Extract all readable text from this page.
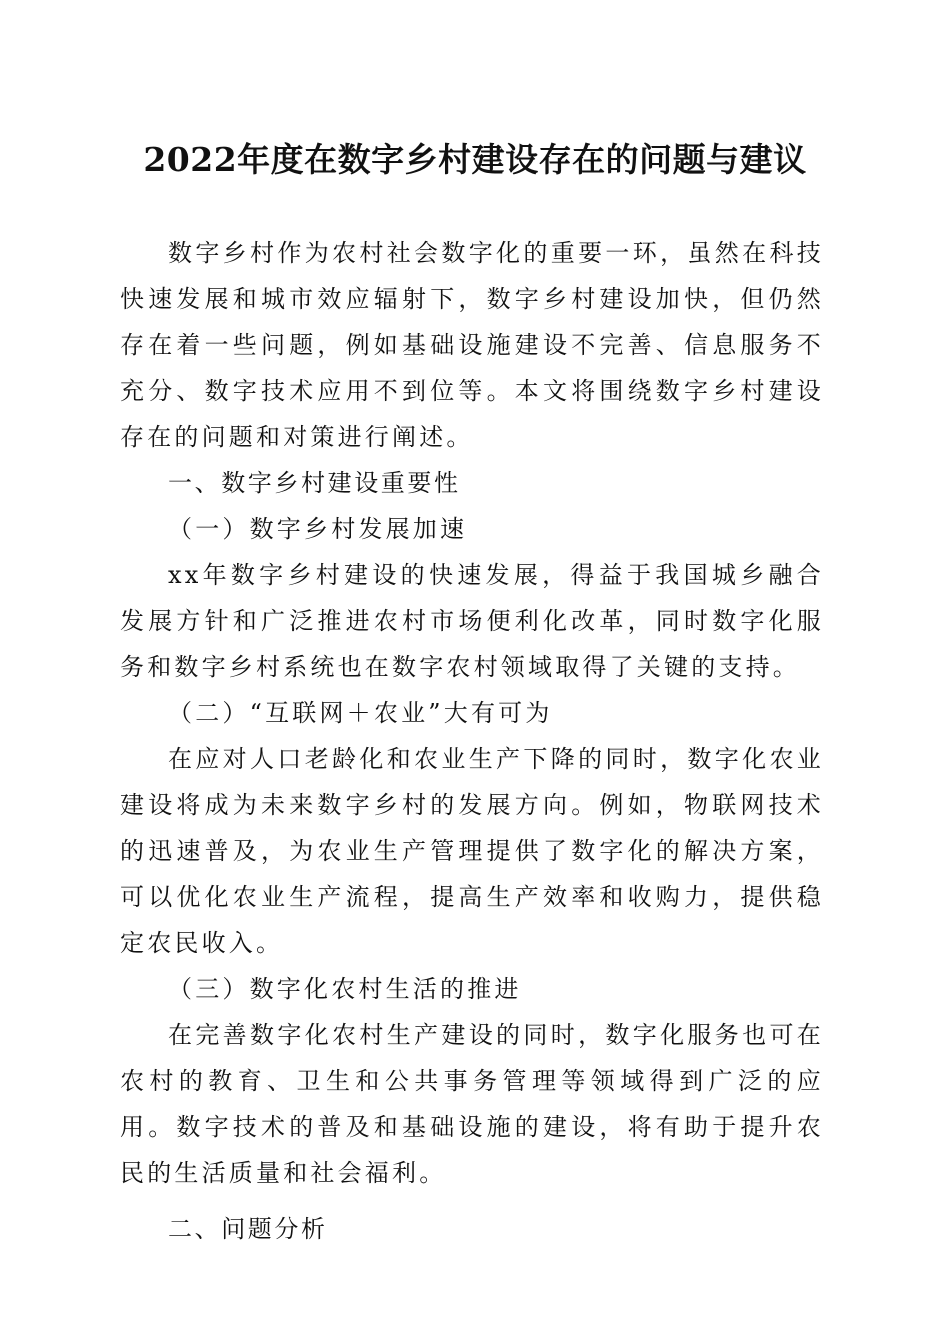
2022年度在数字乡村建设存在的问题与建议

数字乡村作为农村社会数字化的重要一环，虽然在科技快速发展和城市效应辐射下，数字乡村建设加快，但仍然存在着一些问题，例如基础设施建设不完善、信息服务不充分、数字技术应用不到位等。本文将围绕数字乡村建设存在的问题和对策进行阐述。

一、数字乡村建设重要性

（一）数字乡村发展加速

xx年数字乡村建设的快速发展，得益于我国城乡融合发展方针和广泛推进农村市场便利化改革，同时数字化服务和数字乡村系统也在数字农村领域取得了关键的支持。

（二）“互联网＋农业”大有可为

在应对人口老龄化和农业生产下降的同时，数字化农业建设将成为未来数字乡村的发展方向。例如，物联网技术的迅速普及，为农业生产管理提供了数字化的解决方案，可以优化农业生产流程，提高生产效率和收购力，提供稳定农民收入。

（三）数字化农村生活的推进

在完善数字化农村生产建设的同时，数字化服务也可在农村的教育、卫生和公共事务管理等领域得到广泛的应用。数字技术的普及和基础设施的建设，将有助于提升农民的生活质量和社会福利。

二、问题分析
